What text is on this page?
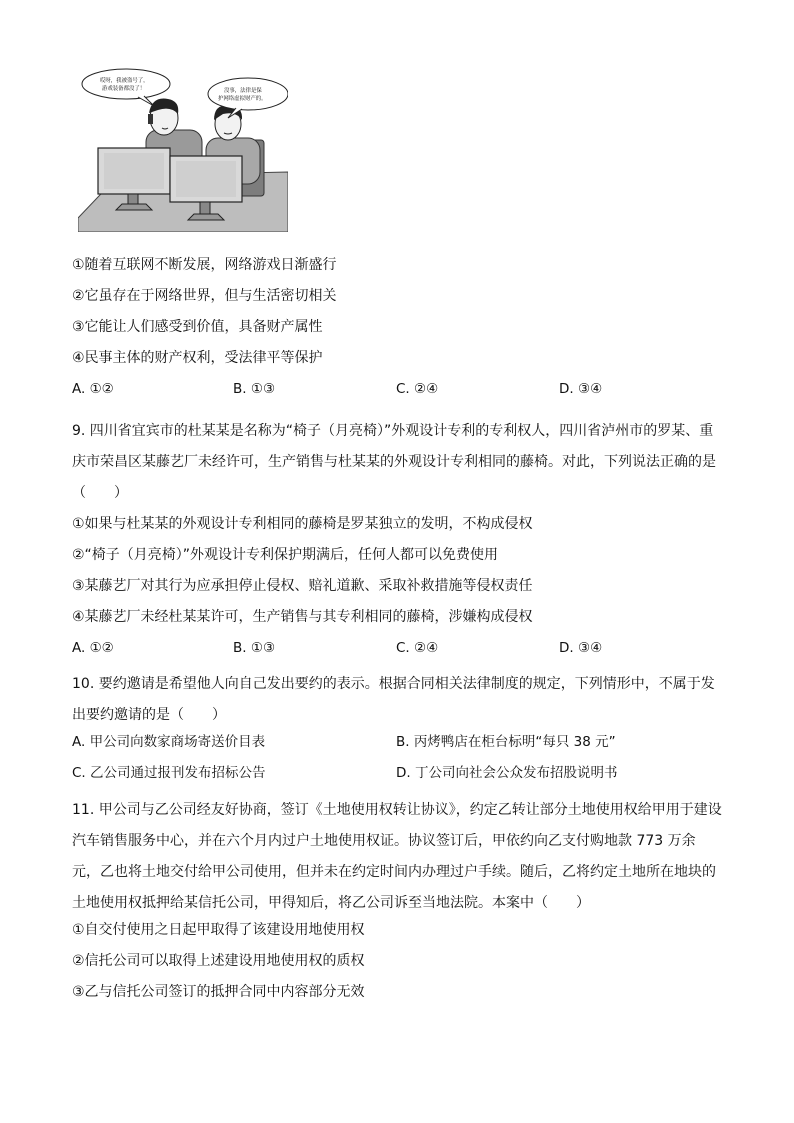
哎呀，我被盗号了，
游戏装备都没了！	没事，法律是保
护网络虚拟财产的。
①随着互联网不断发展，网络游戏日渐盛行
②它虽存在于网络世界，但与生活密切相关
③它能让人们感受到价值，具备财产属性
④民事主体的财产权利，受法律平等保护
A. ①②	B. ①③	C. ②④	D. ③④
9. 四川省宜宾市的杜某某是名称为“椅子（月亮椅）”外观设计专利的专利权人，四川省泸州市的罗某、重庆市荣昌区某藤艺厂未经许可，生产销售与杜某某的外观设计专利相同的藤椅。对此，下列说法正确的是（　　）
①如果与杜某某的外观设计专利相同的藤椅是罗某独立的发明，不构成侵权
②“椅子（月亮椅）”外观设计专利保护期满后，任何人都可以免费使用
③某藤艺厂对其行为应承担停止侵权、赔礼道歉、采取补救措施等侵权责任
④某藤艺厂未经杜某某许可，生产销售与其专利相同的藤椅，涉嫌构成侵权
A. ①②	B. ①③	C. ②④	D. ③④
10. 要约邀请是希望他人向自己发出要约的表示。根据合同相关法律制度的规定，下列情形中，不属于发出要约邀请的是（　　）
A. 甲公司向数家商场寄送价目表	B. 丙烤鸭店在柜台标明“每只 38 元”
C. 乙公司通过报刊发布招标公告	D. 丁公司向社会公众发布招股说明书
11. 甲公司与乙公司经友好协商，签订《土地使用权转让协议》，约定乙转让部分土地使用权给甲用于建设汽车销售服务中心，并在六个月内过户土地使用权证。协议签订后，甲依约向乙支付购地款 773 万余元，乙也将土地交付给甲公司使用，但并未在约定时间内办理过户手续。随后，乙将约定土地所在地块的土地使用权抵押给某信托公司，甲得知后，将乙公司诉至当地法院。本案中（　　）
①自交付使用之日起甲取得了该建设用地使用权
②信托公司可以取得上述建设用地使用权的质权
③乙与信托公司签订的抵押合同中内容部分无效
